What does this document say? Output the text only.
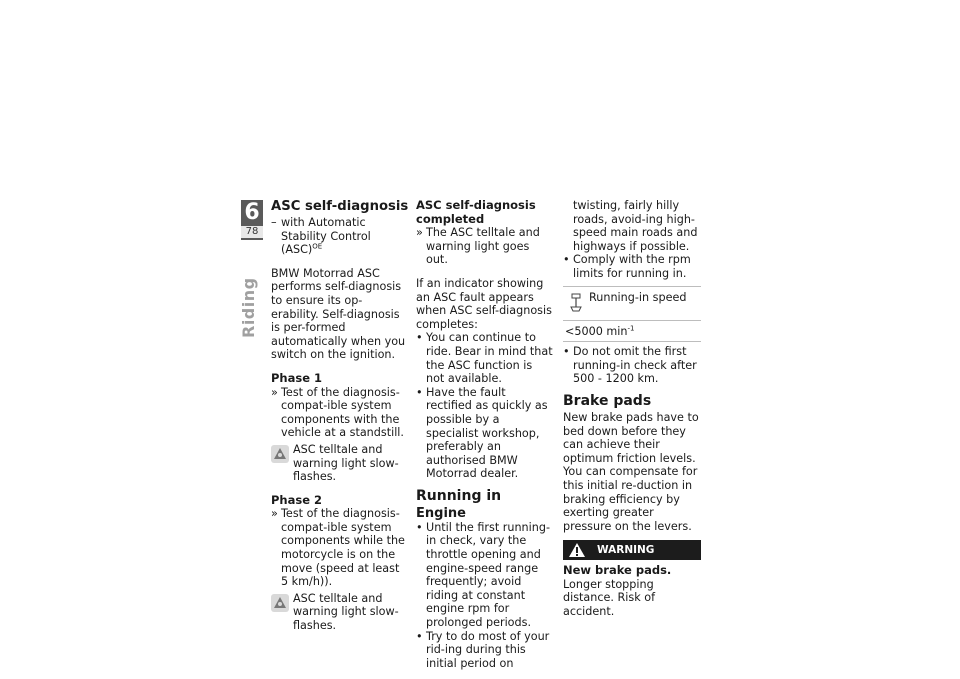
6
78
Riding
ASC self-diagnosis
– with Automatic Stability Control (ASC)$^{OE}$

BMW Motorrad ASC performs self-diagnosis to ensure its op-erability. Self-diagnosis is per-formed automatically when you switch on the ignition.

Phase 1
» Test of the diagnosis-compat-ible system components with the vehicle at a standstill.
ASC telltale and warning light slow-flashes.
Phase 2
» Test of the diagnosis-compat-ible system components while the motorcycle is on the move (speed at least 5 km/h)).
ASC telltale and warning light slow-flashes.
ASC self-diagnosis completed
» The ASC telltale and warning light goes out.

If an indicator showing an ASC fault appears when ASC self-diagnosis completes:

• You can continue to ride. Bear in mind that the ASC function is not available.
• Have the fault rectified as quickly as possible by a specialist workshop, preferably an authorised BMW Motorrad dealer.
Running in
Engine
• Until the first running-in check, vary the throttle opening and engine-speed range frequently; avoid riding at constant engine rpm for prolonged periods.
• Try to do most of your rid-ing during this initial period on

twisting, fairly hilly roads, avoid-ing high-speed main roads and highways if possible.

• Comply with the rpm limits for running in.
Running-in speed
<5000 $\min^{-1}$
• Do not omit the first running-in check after 500 - 1200 km.
Brake pads

New brake pads have to bed down before they can achieve their optimum friction levels. You can compensate for this initial re-duction in braking efficiency by exerting greater pressure on the levers.

WARNING
New brake pads.

Longer stopping distance. Risk of accident.
